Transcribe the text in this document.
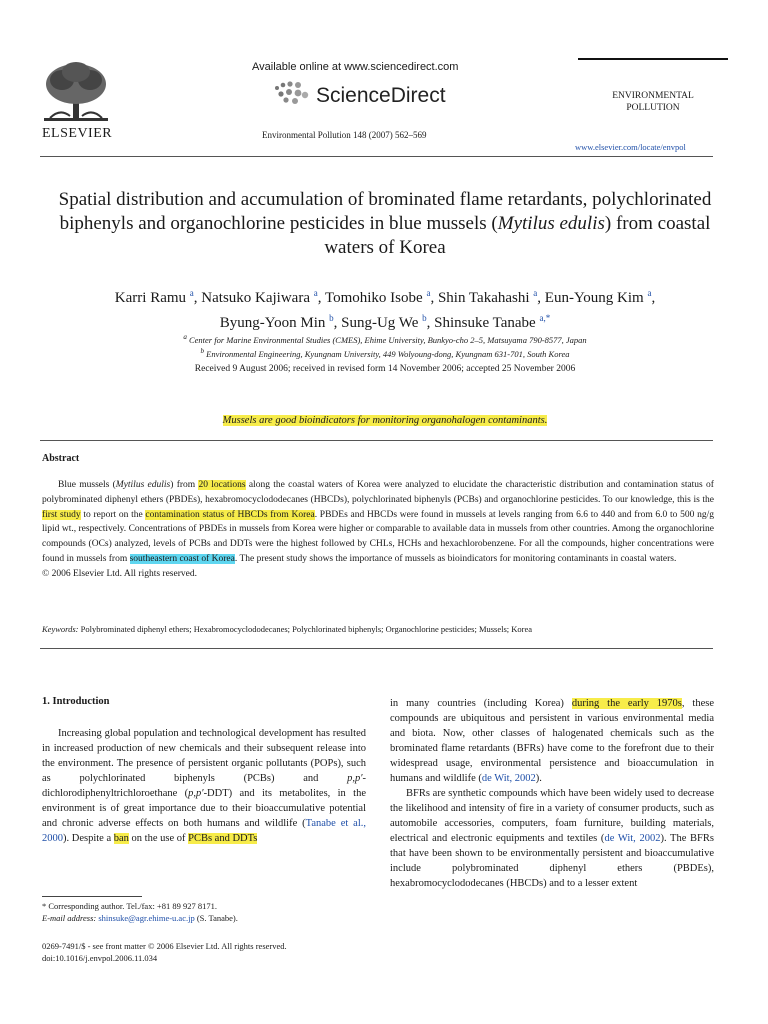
ELSEVIER
Available online at www.sciencedirect.com
ScienceDirect
Environmental Pollution 148 (2007) 562–569
ENVIRONMENTAL
POLLUTION
www.elsevier.com/locate/envpol
Spatial distribution and accumulation of brominated flame retardants, polychlorinated biphenyls and organochlorine pesticides in blue mussels (Mytilus edulis) from coastal waters of Korea
Karri Ramu $^a$, Natsuko Kajiwara $^a$, Tomohiko Isobe $^a$, Shin Takahashi $^a$, Eun-Young Kim $^a$,
Byung-Yoon Min $^b$, Sung-Ug We $^b$, Shinsuke Tanabe $^{a,*}$
$^a$ Center for Marine Environmental Studies (CMES), Ehime University, Bunkyo-cho 2–5, Matsuyama 790-8577, Japan
$^b$ Environmental Engineering, Kyungnam University, 449 Wolyoung-dong, Kyungnam 631-701, South Korea
Received 9 August 2006; received in revised form 14 November 2006; accepted 25 November 2006
Mussels are good bioindicators for monitoring organohalogen contaminants.
Abstract

Blue mussels (Mytilus edulis) from 20 locations along the coastal waters of Korea were analyzed to elucidate the characteristic distribution and contamination status of polybrominated diphenyl ethers (PBDEs), hexabromocyclododecanes (HBCDs), polychlorinated biphenyls (PCBs) and organochlorine pesticides. To our knowledge, this is the first study to report on the contamination status of HBCDs from Korea. PBDEs and HBCDs were found in mussels at levels ranging from 6.6 to 440 and from 6.0 to 500 ng/g lipid wt., respectively. Concentrations of PBDEs in mussels from Korea were higher or comparable to available data in mussels from other countries. Among the organochlorine compounds (OCs) analyzed, levels of PCBs and DDTs were the highest followed by CHLs, HCHs and hexachlorobenzene. For all the compounds, higher concentrations were found in mussels from southeastern coast of Korea. The present study shows the importance of mussels as bioindicators for monitoring contaminants in coastal waters.

© 2006 Elsevier Ltd. All rights reserved.
Keywords: Polybrominated diphenyl ethers; Hexabromocyclododecanes; Polychlorinated biphenyls; Organochlorine pesticides; Mussels; Korea
1. Introduction

Increasing global population and technological development has resulted in increased production of new chemicals and their subsequent release into the environment. The presence of persistent organic pollutants (POPs), such as polychlorinated biphenyls (PCBs) and p,p′-dichlorodiphenyltrichloroethane (p,p′-DDT) and its metabolites, in the environment is of great importance due to their bioaccumulative potential and chronic adverse effects on both humans and wildlife (Tanabe et al., 2000). Despite a ban on the use of PCBs and DDTs

in many countries (including Korea) during the early 1970s, these compounds are ubiquitous and persistent in various environmental media and biota. Now, other classes of halogenated chemicals such as the brominated flame retardants (BFRs) have come to the forefront due to their widespread usage, environmental persistence and bioaccumulation in humans and wildlife (de Wit, 2002).

BFRs are synthetic compounds which have been widely used to decrease the likelihood and intensity of fire in a variety of consumer products, such as automobile accessories, computers, foam furniture, building materials, electrical and electronic equipments and textiles (de Wit, 2002). The BFRs that have been shown to be environmentally persistent and bioaccumulative include polybrominated diphenyl ethers (PBDEs), hexabromocyclododecanes (HBCDs) and to a lesser extent

* Corresponding author. Tel./fax: +81 89 927 8171.
E-mail address: shinsuke@agr.ehime-u.ac.jp (S. Tanabe).
0269-7491/$ - see front matter © 2006 Elsevier Ltd. All rights reserved.
doi:10.1016/j.envpol.2006.11.034
